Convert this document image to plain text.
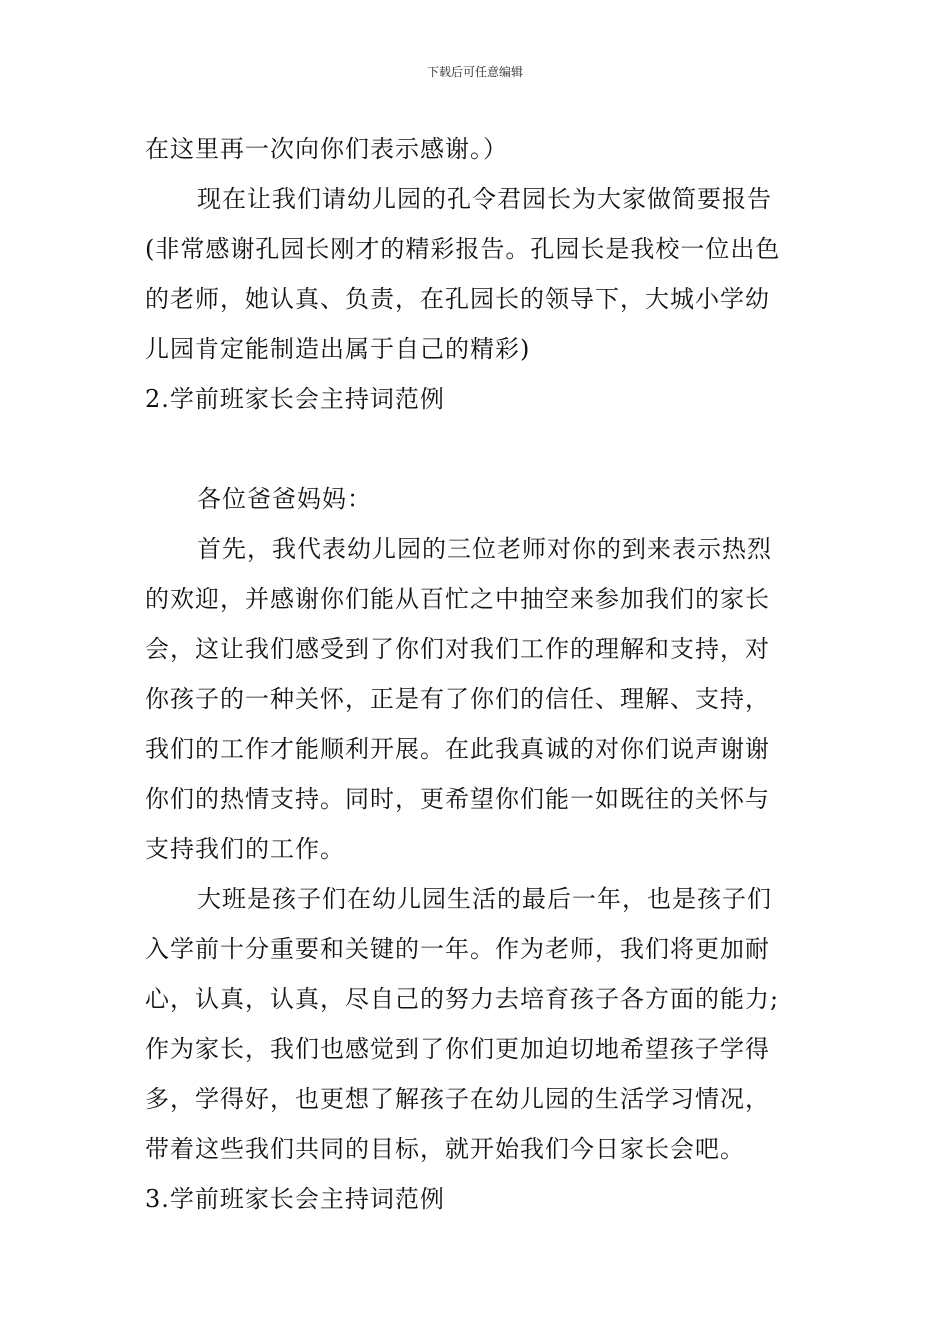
下载后可任意编辑
在这里再一次向你们表示感谢。）
现在让我们请幼儿园的孔令君园长为大家做简要报告
(非常感谢孔园长刚才的精彩报告。孔园长是我校一位出色
的老师，她认真、负责，在孔园长的领导下，大城小学幼
儿园肯定能制造出属于自己的精彩)
2.学前班家长会主持词范例
各位爸爸妈妈：
首先，我代表幼儿园的三位老师对你的到来表示热烈
的欢迎，并感谢你们能从百忙之中抽空来参加我们的家长
会，这让我们感受到了你们对我们工作的理解和支持，对
你孩子的一种关怀，正是有了你们的信任、理解、支持，
我们的工作才能顺利开展。在此我真诚的对你们说声谢谢
你们的热情支持。同时，更希望你们能一如既往的关怀与
支持我们的工作。
大班是孩子们在幼儿园生活的最后一年，也是孩子们
入学前十分重要和关键的一年。作为老师，我们将更加耐
心，认真，认真，尽自己的努力去培育孩子各方面的能力;
作为家长，我们也感觉到了你们更加迫切地希望孩子学得
多，学得好，也更想了解孩子在幼儿园的生活学习情况，
带着这些我们共同的目标，就开始我们今日家长会吧。
3.学前班家长会主持词范例
